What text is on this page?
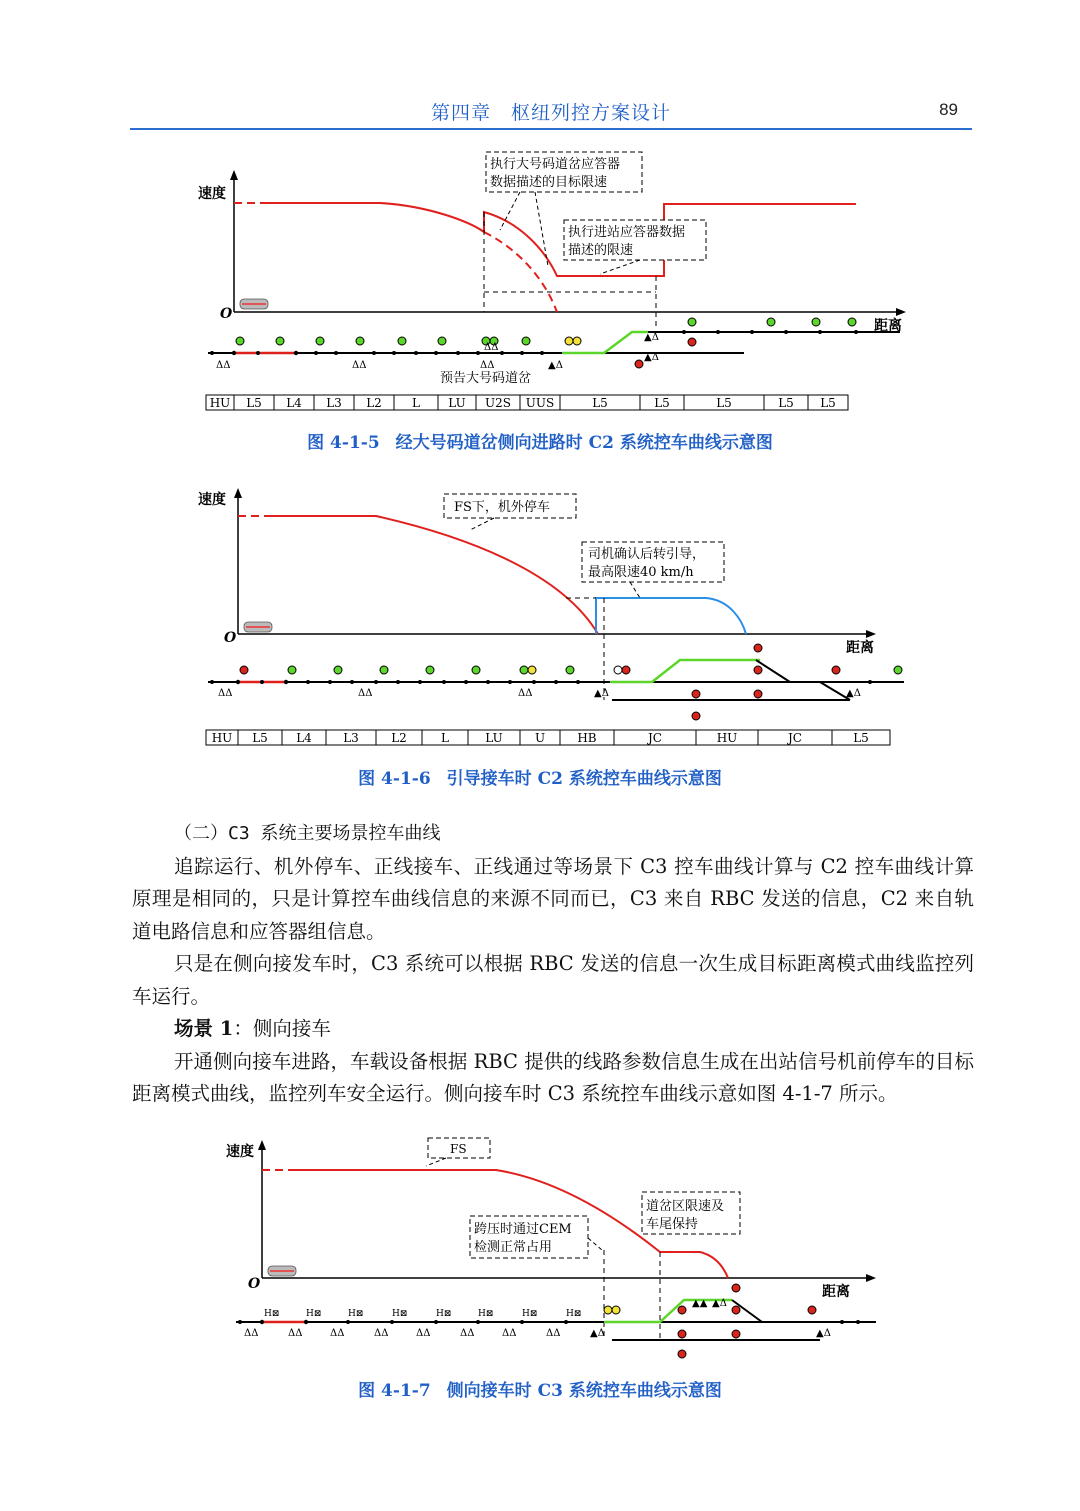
第四章　枢纽列控方案设计	89
速度
距离
O
执行大号码道岔应答器
数据描述的目标限速
执行进站应答器数据
描述的限速
ΔΔ	ΔΔ	ΔΔ	▲Δ
▲Δ
▲Δ
ΔΔ
预告大号码道岔
HU L5 L4 L3 L2	L LU U2S UUS	L5	L5	L5	L5 L5
图 4-1-5 经大号码道岔侧向进路时 C2 系统控车曲线示意图
速度
距离
O
FS下，机外停车
司机确认后转引导，
最高限速40 km/h
ΔΔ	ΔΔ	ΔΔ	▲Δ	▲Δ
HU L5 L4	L3	L2	L	LU	U	HB	JC	HU	JC	L5
图 4-1-6 引导接车时 C2 系统控车曲线示意图

（二）C3 系统主要场景控车曲线

追踪运行、机外停车、正线接车、正线通过等场景下 C3 控车曲线计算与 C2 控车曲线计算原理是相同的，只是计算控车曲线信息的来源不同而已，C3 来自 RBC 发送的信息，C2 来自轨道电路信息和应答器组信息。

只是在侧向接发车时，C3 系统可以根据 RBC 发送的信息一次生成目标距离模式曲线监控列车运行。

场景 1：侧向接车

开通侧向接车进路，车载设备根据 RBC 提供的线路参数信息生成在出站信号机前停车的目标距离模式曲线，监控列车安全运行。侧向接车时 C3 系统控车曲线示意如图 4-1-7 所示。

速度
距离
O
FS
道岔区限速及
车尾保持
跨压时通过CEM
检测正常占用
H⊠	H⊠	H⊠	H⊠	H⊠	H⊠	H⊠	H⊠
ΔΔ	ΔΔ	ΔΔ	ΔΔ	ΔΔ	ΔΔ	ΔΔ	ΔΔ	▲Δ	▲Δ
▲▲ ▲Δ
图 4-1-7 侧向接车时 C3 系统控车曲线示意图
